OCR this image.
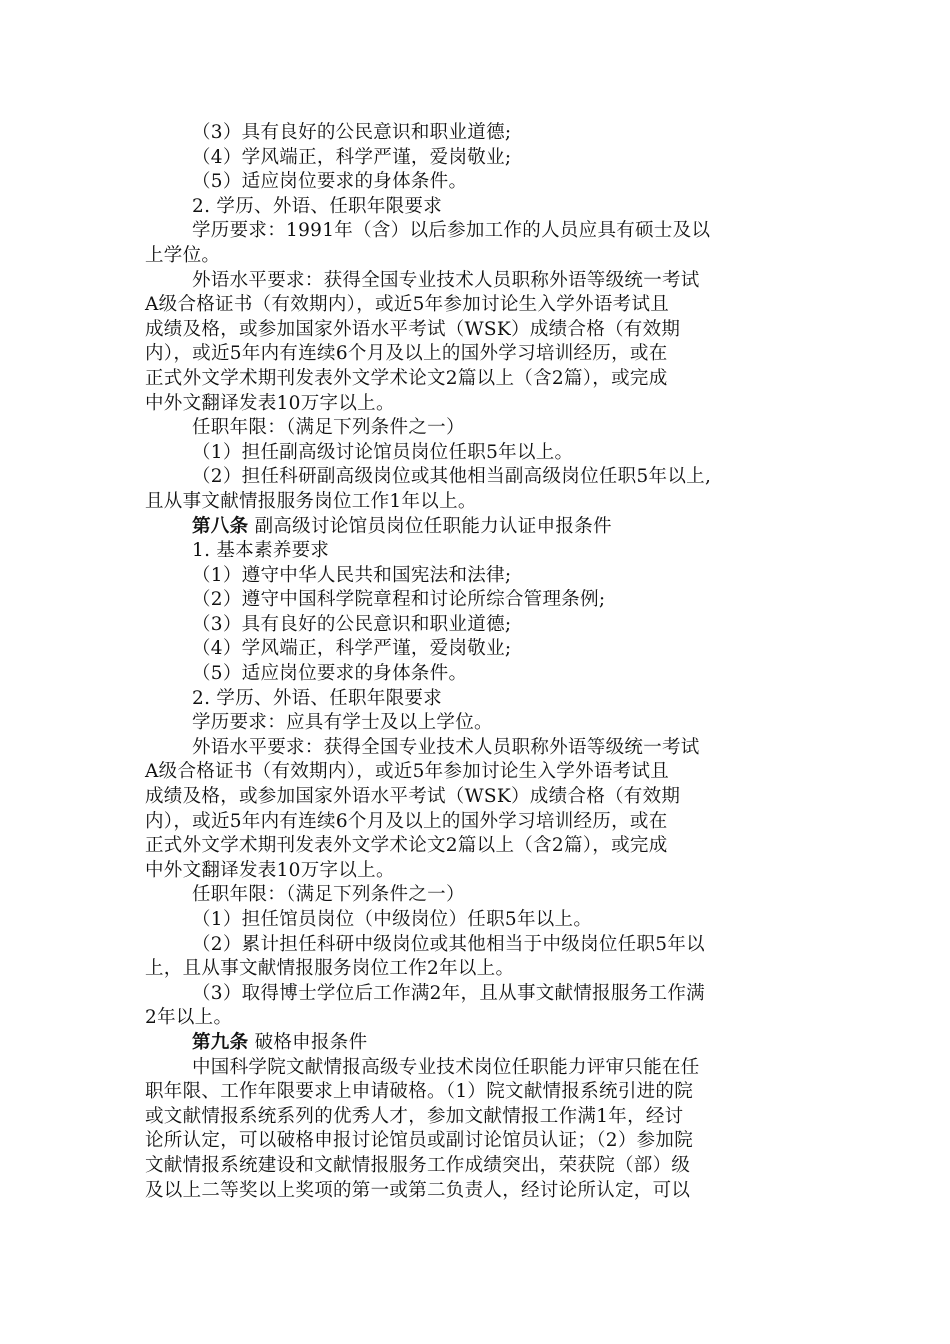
（3）具有良好的公民意识和职业道德;
（4）学风端正，科学严谨，爱岗敬业;
（5）适应岗位要求的身体条件。
2. 学历、外语、任职年限要求
学历要求：1991年（含）以后参加工作的人员应具有硕士及以
上学位。
外语水平要求：获得全国专业技术人员职称外语等级统一考试
A级合格证书（有效期内），或近5年参加讨论生入学外语考试且
成绩及格，或参加国家外语水平考试（WSK）成绩合格（有效期
内），或近5年内有连续6个月及以上的国外学习培训经历，或在
正式外文学术期刊发表外文学术论文2篇以上（含2篇），或完成
中外文翻译发表10万字以上。
任职年限：（满足下列条件之一）
（1）担任副高级讨论馆员岗位任职5年以上。
（2）担任科研副高级岗位或其他相当副高级岗位任职5年以上,
且从事文献情报服务岗位工作1年以上。
第八条 副高级讨论馆员岗位任职能力认证申报条件
1. 基本素养要求
（1）遵守中华人民共和国宪法和法律;
（2）遵守中国科学院章程和讨论所综合管理条例;
（3）具有良好的公民意识和职业道德;
（4）学风端正，科学严谨，爱岗敬业;
（5）适应岗位要求的身体条件。
2. 学历、外语、任职年限要求
学历要求：应具有学士及以上学位。
外语水平要求：获得全国专业技术人员职称外语等级统一考试
A级合格证书（有效期内），或近5年参加讨论生入学外语考试且
成绩及格，或参加国家外语水平考试（WSK）成绩合格（有效期
内），或近5年内有连续6个月及以上的国外学习培训经历，或在
正式外文学术期刊发表外文学术论文2篇以上（含2篇），或完成
中外文翻译发表10万字以上。
任职年限：（满足下列条件之一）
（1）担任馆员岗位（中级岗位）任职5年以上。
（2）累计担任科研中级岗位或其他相当于中级岗位任职5年以
上，且从事文献情报服务岗位工作2年以上。
（3）取得博士学位后工作满2年，且从事文献情报服务工作满
2年以上。
第九条 破格申报条件
中国科学院文献情报高级专业技术岗位任职能力评审只能在任
职年限、工作年限要求上申请破格。（1）院文献情报系统引进的院
或文献情报系统系列的优秀人才，参加文献情报工作满1年，经讨
论所认定，可以破格申报讨论馆员或副讨论馆员认证；（2）参加院
文献情报系统建设和文献情报服务工作成绩突出，荣获院（部）级
及以上二等奖以上奖项的第一或第二负责人，经讨论所认定，可以
